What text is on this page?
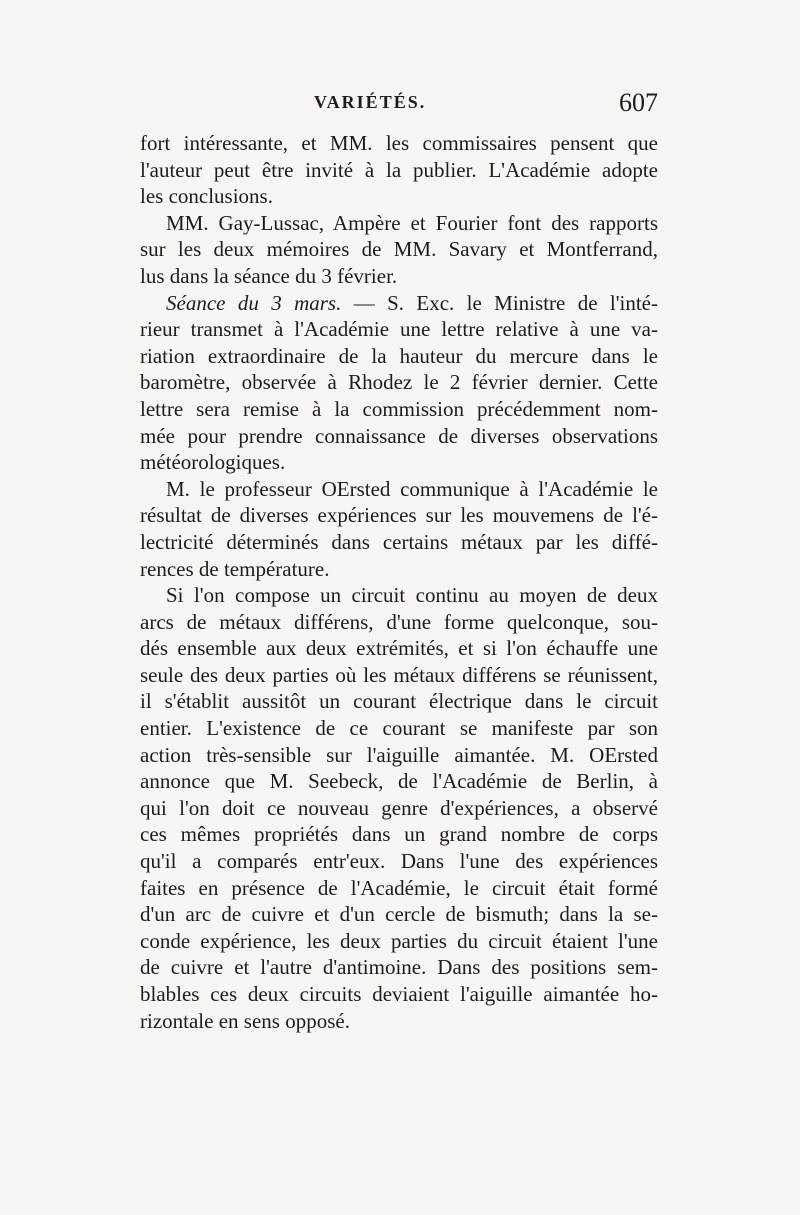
VARIÉTÉS.	607
fort intéressante, et MM. les commissaires pensent que
l'auteur peut être invité à la publier. L'Académie adopte
les conclusions.
MM. Gay-Lussac, Ampère et Fourier font des rapports
sur les deux mémoires de MM. Savary et Montferrand,
lus dans la séance du 3 février.
Séance du 3 mars. — S. Exc. le Ministre de l'inté-
rieur transmet à l'Académie une lettre relative à une va-
riation extraordinaire de la hauteur du mercure dans le
baromètre, observée à Rhodez le 2 février dernier. Cette
lettre sera remise à la commission précédemment nom-
mée pour prendre connaissance de diverses observations
météorologiques.
M. le professeur OErsted communique à l'Académie le
résultat de diverses expériences sur les mouvemens de l'é-
lectricité déterminés dans certains métaux par les diffé-
rences de température.
Si l'on compose un circuit continu au moyen de deux
arcs de métaux différens, d'une forme quelconque, sou-
dés ensemble aux deux extrémités, et si l'on échauffe une
seule des deux parties où les métaux différens se réunissent,
il s'établit aussitôt un courant électrique dans le circuit
entier. L'existence de ce courant se manifeste par son
action très-sensible sur l'aiguille aimantée. M. OErsted
annonce que M. Seebeck, de l'Académie de Berlin, à
qui l'on doit ce nouveau genre d'expériences, a observé
ces mêmes propriétés dans un grand nombre de corps
qu'il a comparés entr'eux. Dans l'une des expériences
faites en présence de l'Académie, le circuit était formé
d'un arc de cuivre et d'un cercle de bismuth; dans la se-
conde expérience, les deux parties du circuit étaient l'une
de cuivre et l'autre d'antimoine. Dans des positions sem-
blables ces deux circuits deviaient l'aiguille aimantée ho-
rizontale en sens opposé.
